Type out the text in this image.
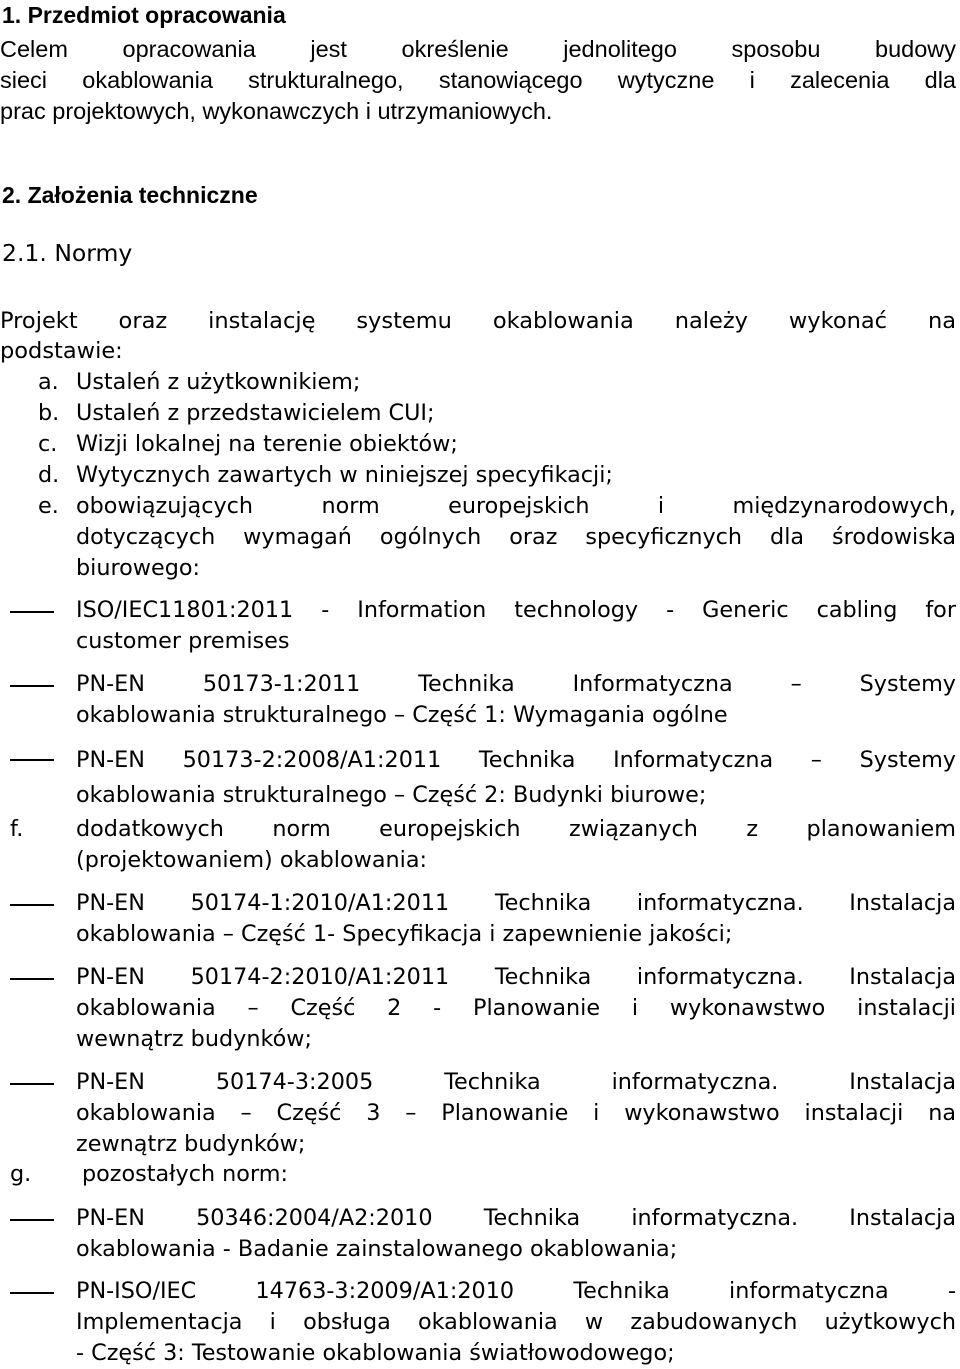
1. Przedmiot opracowania
Celem opracowania jest określenie jednolitego sposobu budowy
sieci okablowania strukturalnego, stanowiącego wytyczne i zalecenia dla
prac projektowych, wykonawczych i utrzymaniowych.
2. Założenia techniczne
2.1. Normy
Projekt oraz instalację systemu okablowania należy wykonać na
podstawie:
a. Ustaleń z użytkownikiem;
b. Ustaleń z przedstawicielem CUI;
c. Wizji lokalnej na terenie obiektów;
d. Wytycznych zawartych w niniejszej specyfikacji;
e. obowiązujących norm europejskich i międzynarodowych,
dotyczących wymagań ogólnych oraz specyficznych dla środowiska
biurowego:
ISO/IEC11801:2011 - Information technology - Generic cabling for
customer premises
PN-EN 50173-1:2011 Technika Informatyczna – Systemy
okablowania strukturalnego – Część 1: Wymagania ogólne
PN-EN 50173-2:2008/A1:2011 Technika Informatyczna – Systemy
okablowania strukturalnego – Część 2: Budynki biurowe;
f. dodatkowych norm europejskich związanych z planowaniem
(projektowaniem) okablowania:
PN-EN 50174-1:2010/A1:2011 Technika informatyczna. Instalacja
okablowania – Część 1- Specyfikacja i zapewnienie jakości;
PN-EN 50174-2:2010/A1:2011 Technika informatyczna. Instalacja
okablowania – Część 2 - Planowanie i wykonawstwo instalacji
wewnątrz budynków;
PN-EN 50174-3:2005 Technika informatyczna. Instalacja
okablowania – Część 3 – Planowanie i wykonawstwo instalacji na
zewnątrz budynków;
g. pozostałych norm:
PN-EN 50346:2004/A2:2010 Technika informatyczna. Instalacja
okablowania - Badanie zainstalowanego okablowania;
PN-ISO/IEC 14763-3:2009/A1:2010 Technika informatyczna -
Implementacja i obsługa okablowania w zabudowanych użytkowych
- Część 3: Testowanie okablowania światłowodowego;
